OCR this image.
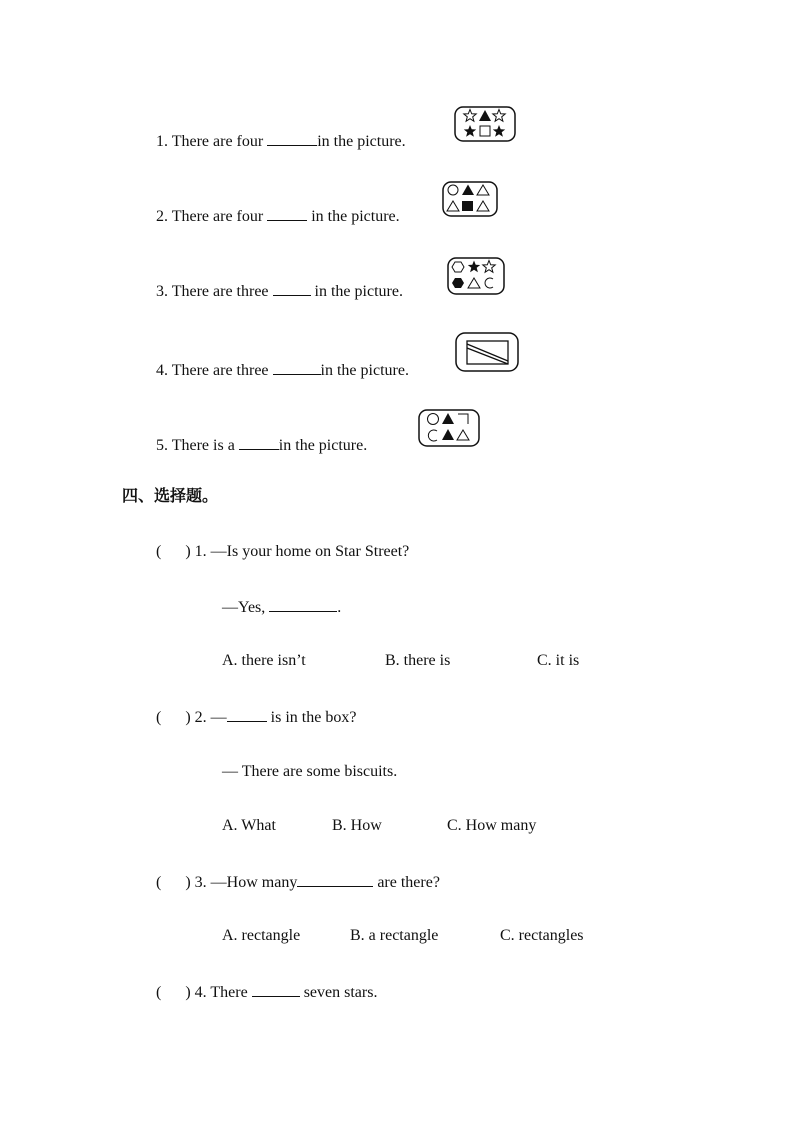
1. There are four	in the picture.
2. There are four	in the picture.
3. There are three  in the picture.
4. There are three	in the picture.
5. There is a	in the picture.
四、选择题。
(      ) 1. —Is your home on Star Street?
—Yes,	.
A. there isn’t	B. there is	C. it is
(      ) 2. —	is in the box?
— There are some biscuits.
A. What	B. How	C. How many
(      ) 3. —How many	are there?
A. rectangle	B. a rectangle	C. rectangles
(      ) 4. There	seven stars.
